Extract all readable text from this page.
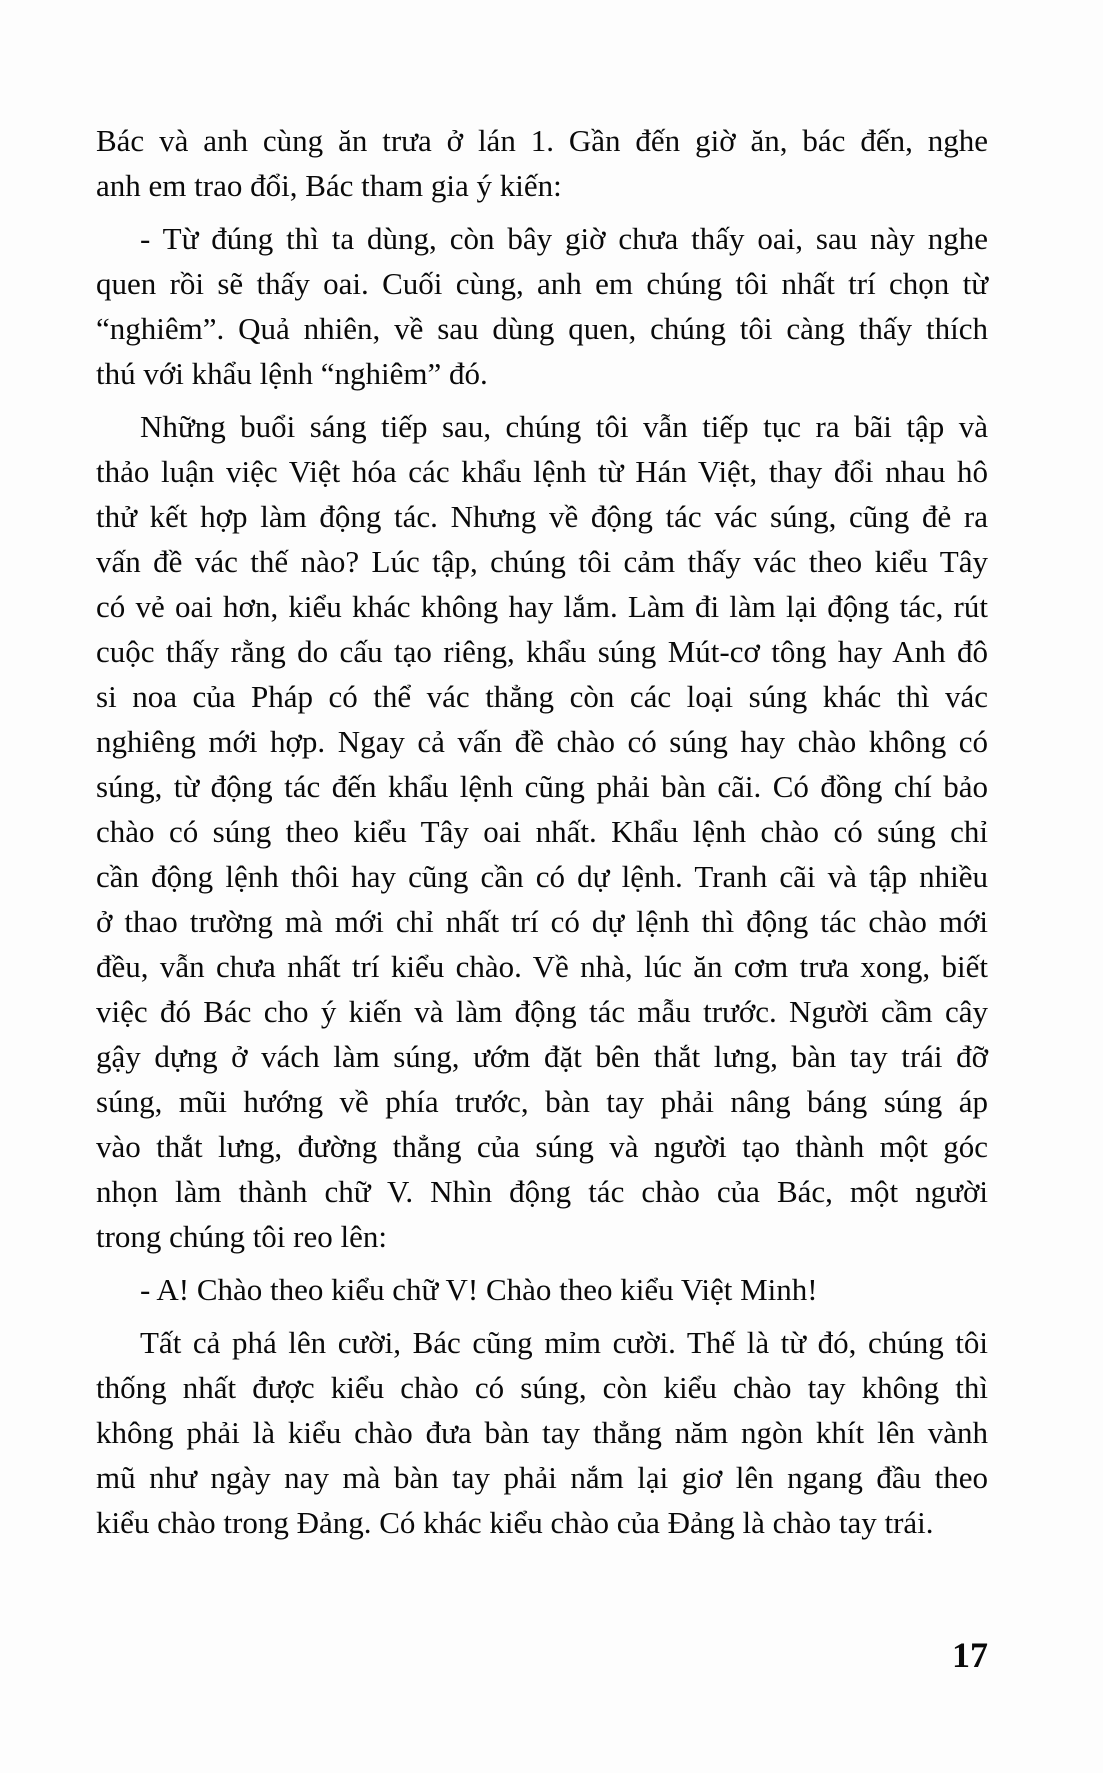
Bác và anh cùng ăn trưa ở lán 1. Gần đến giờ ăn, bác đến, nghe
anh em trao đổi, Bác tham gia ý kiến:
- Từ đúng thì ta dùng, còn bây giờ chưa thấy oai, sau này nghe
quen rồi sẽ thấy oai. Cuối cùng, anh em chúng tôi nhất trí chọn từ
“nghiêm”. Quả nhiên, về sau dùng quen, chúng tôi càng thấy thích
thú với khẩu lệnh “nghiêm” đó.
Những buổi sáng tiếp sau, chúng tôi vẫn tiếp tục ra bãi tập và
thảo luận việc Việt hóa các khẩu lệnh từ Hán Việt, thay đổi nhau hô
thử kết hợp làm động tác. Nhưng về động tác vác súng, cũng đẻ ra
vấn đề vác thế nào? Lúc tập, chúng tôi cảm thấy vác theo kiểu Tây
có vẻ oai hơn, kiểu khác không hay lắm. Làm đi làm lại động tác, rút
cuộc thấy rằng do cấu tạo riêng, khẩu súng Mút-cơ tông hay Anh đô
si noa của Pháp có thể vác thẳng còn các loại súng khác thì vác
nghiêng mới hợp. Ngay cả vấn đề chào có súng hay chào không có
súng, từ động tác đến khẩu lệnh cũng phải bàn cãi. Có đồng chí bảo
chào có súng theo kiểu Tây oai nhất. Khẩu lệnh chào có súng chỉ
cần động lệnh thôi hay cũng cần có dự lệnh. Tranh cãi và tập nhiều
ở thao trường mà mới chỉ nhất trí có dự lệnh thì động tác chào mới
đều, vẫn chưa nhất trí kiểu chào. Về nhà, lúc ăn cơm trưa xong, biết
việc đó Bác cho ý kiến và làm động tác mẫu trước. Người cầm cây
gậy dựng ở vách làm súng, ướm đặt bên thắt lưng, bàn tay trái đỡ
súng, mũi hướng về phía trước, bàn tay phải nâng báng súng áp
vào thắt lưng, đường thẳng của súng và người tạo thành một góc
nhọn làm thành chữ V. Nhìn động tác chào của Bác, một người
trong chúng tôi reo lên:
- A! Chào theo kiểu chữ V! Chào theo kiểu Việt Minh!
Tất cả phá lên cười, Bác cũng mỉm cười. Thế là từ đó, chúng tôi
thống nhất được kiểu chào có súng, còn kiểu chào tay không thì
không phải là kiểu chào đưa bàn tay thẳng năm ngòn khít lên vành
mũ như ngày nay mà bàn tay phải nắm lại giơ lên ngang đầu theo
kiểu chào trong Đảng. Có khác kiểu chào của Đảng là chào tay trái.
17
